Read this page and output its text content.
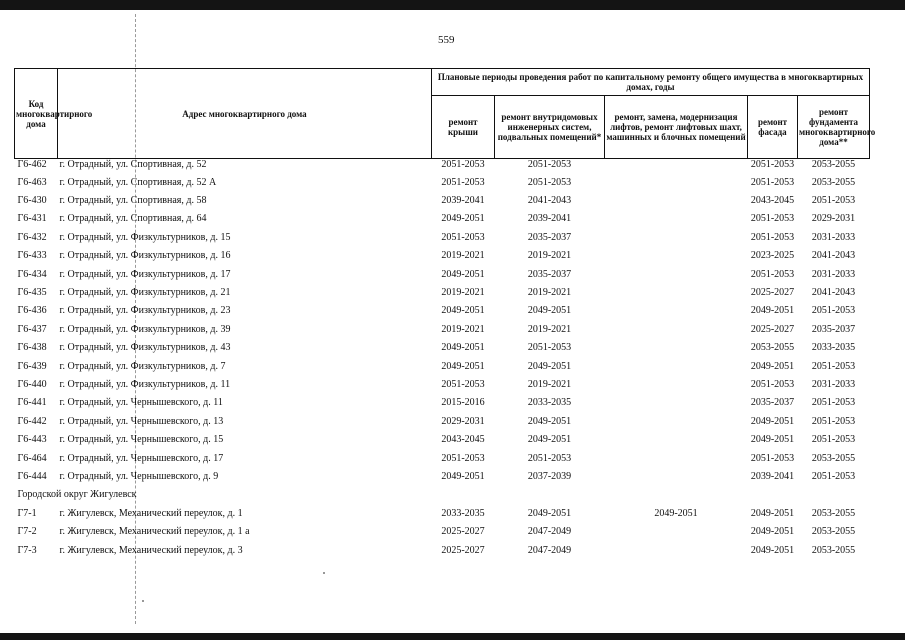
559
Код многоквартирного дома	Адрес многоквартирного дома	Плановые периоды проведения работ по капитальному ремонту общего имущества в многоквартирных домах, годы				
		ремонт крыши	ремонт внутридомовых инженерных систем, подвальных помещений*	ремонт, замена, модернизация лифтов, ремонт лифтовых шахт, машинных и блочных помещений	ремонт фасада	ремонт фундамента многоквартирного дома**
Г6-462	г. Отрадный, ул. Спортивная, д. 52	2051-2053	2051-2053		2051-2053	2053-2055
Г6-463	г. Отрадный, ул. Спортивная, д. 52 А	2051-2053	2051-2053		2051-2053	2053-2055
Г6-430	г. Отрадный, ул. Спортивная, д. 58	2039-2041	2041-2043		2043-2045	2051-2053
Г6-431	г. Отрадный, ул. Спортивная, д. 64	2049-2051	2039-2041		2051-2053	2029-2031
Г6-432	г. Отрадный, ул. Физкультурников, д. 15	2051-2053	2035-2037		2051-2053	2031-2033
Г6-433	г. Отрадный, ул. Физкультурников, д. 16	2019-2021	2019-2021		2023-2025	2041-2043
Г6-434	г. Отрадный, ул. Физкультурников, д. 17	2049-2051	2035-2037		2051-2053	2031-2033
Г6-435	г. Отрадный, ул. Физкультурников, д. 21	2019-2021	2019-2021		2025-2027	2041-2043
Г6-436	г. Отрадный, ул. Физкультурников, д. 23	2049-2051	2049-2051		2049-2051	2051-2053
Г6-437	г. Отрадный, ул. Физкультурников, д. 39	2019-2021	2019-2021		2025-2027	2035-2037
Г6-438	г. Отрадный, ул. Физкультурников, д. 43	2049-2051	2051-2053		2053-2055	2033-2035
Г6-439	г. Отрадный, ул. Физкультурников, д. 7	2049-2051	2049-2051		2049-2051	2051-2053
Г6-440	г. Отрадный, ул. Физкультурников, д. 11	2051-2053	2019-2021		2051-2053	2031-2033
Г6-441	г. Отрадный, ул. Чернышевского, д. 11	2015-2016	2033-2035		2035-2037	2051-2053
Г6-442	г. Отрадный, ул. Чернышевского, д. 13	2029-2031	2049-2051		2049-2051	2051-2053
Г6-443	г. Отрадный, ул. Чернышевского, д. 15	2043-2045	2049-2051		2049-2051	2051-2053
Г6-464	г. Отрадный, ул. Чернышевского, д. 17	2051-2053	2051-2053		2051-2053	2053-2055
Г6-444	г. Отрадный, ул. Чернышевского, д. 9	2049-2051	2037-2039		2039-2041	2051-2053
Городской округ Жигулевск						
Г7-1	г. Жигулевск, Механический переулок, д. 1	2033-2035	2049-2051	2049-2051	2049-2051	2053-2055
Г7-2	г. Жигулевск, Механический переулок, д. 1 а	2025-2027	2047-2049		2049-2051	2053-2055
Г7-3	г. Жигулевск, Механический переулок, д. 3	2025-2027	2047-2049		2049-2051	2053-2055
